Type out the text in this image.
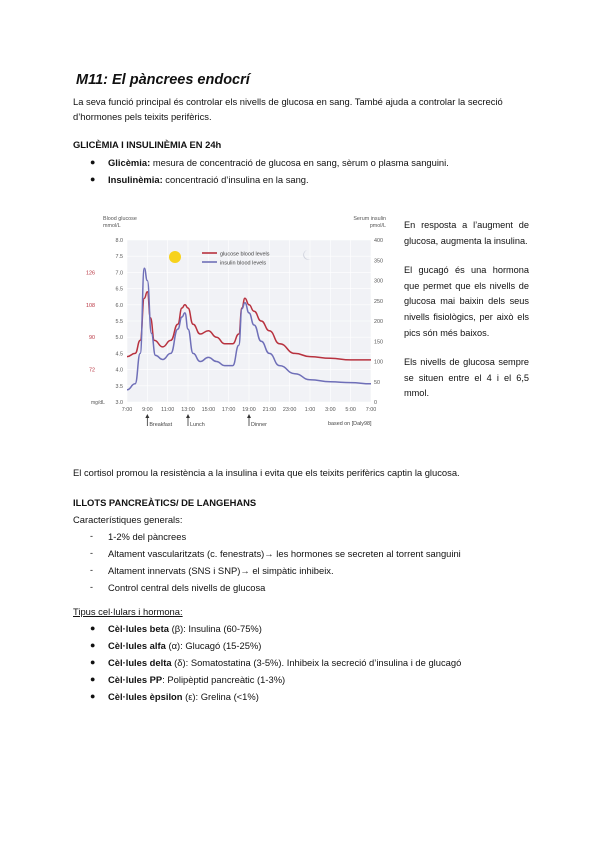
M11: El pàncrees endocrí
La seva funció principal és controlar els nivells de glucosa en sang. També ajuda a controlar la secreció d’hormones pels teixits perifèrics.
GLICÈMIA I INSULINÈMIA EN 24h
● Glicèmia: mesura de concentració de glucosa en sang, sèrum o plasma sanguini.
● Insulinèmia: concentració d’insulina en la sang.
Blood glucose
mmol/L
Serum insulin
pmol/L
8.0
7.5
7.0
6.5
6.0
5.5
5.0
4.5
4.0
3.5
3.0
126
108
90
72
mg/dL
400
350
300
250
200
150
100
50
0
7:00 9:00 11:00 13:00 15:00 17:00 19:00 21:00 23:00 1:00 3:00 5:00 7:00
glucose blood levels
insulin blood levels
Breakfast	Lunch	Dinner	based on [Daly98]

En resposta a l’augment de glucosa, augmenta la insulina.

El gucagó és una hormona que permet que els nivells de glucosa mai baixin dels seus nivells fisiològics, per això els pics són més baixos.

Els nivells de glucosa sempre se situen entre el 4 i el 6,5 mmol.

El cortisol promou la resistència a la insulina i evita que els teixits perifèrics captin la glucosa.
ILLOTS PANCREÀTICS/ DE LANGEHANS
Característiques generals:
- 1-2% del pàncrees
- Altament vascularitzats (c. fenestrats)→ les hormones se secreten al torrent sanguini
- Altament innervats (SNS i SNP)→ el simpàtic inhibeix.
- Control central dels nivells de glucosa
Tipus cel·lulars i hormona:
● Cèl·lules beta (β): Insulina (60-75%)
● Cèl·lules alfa (α): Glucagó (15-25%)
● Cèl·lules delta (δ): Somatostatina (3-5%). Inhibeix la secreció d’insulina i de glucagó
● Cèl·lules PP: Polipèptid pancreàtic (1-3%)
● Cèl·lules èpsilon (ε): Grelina (<1%)
